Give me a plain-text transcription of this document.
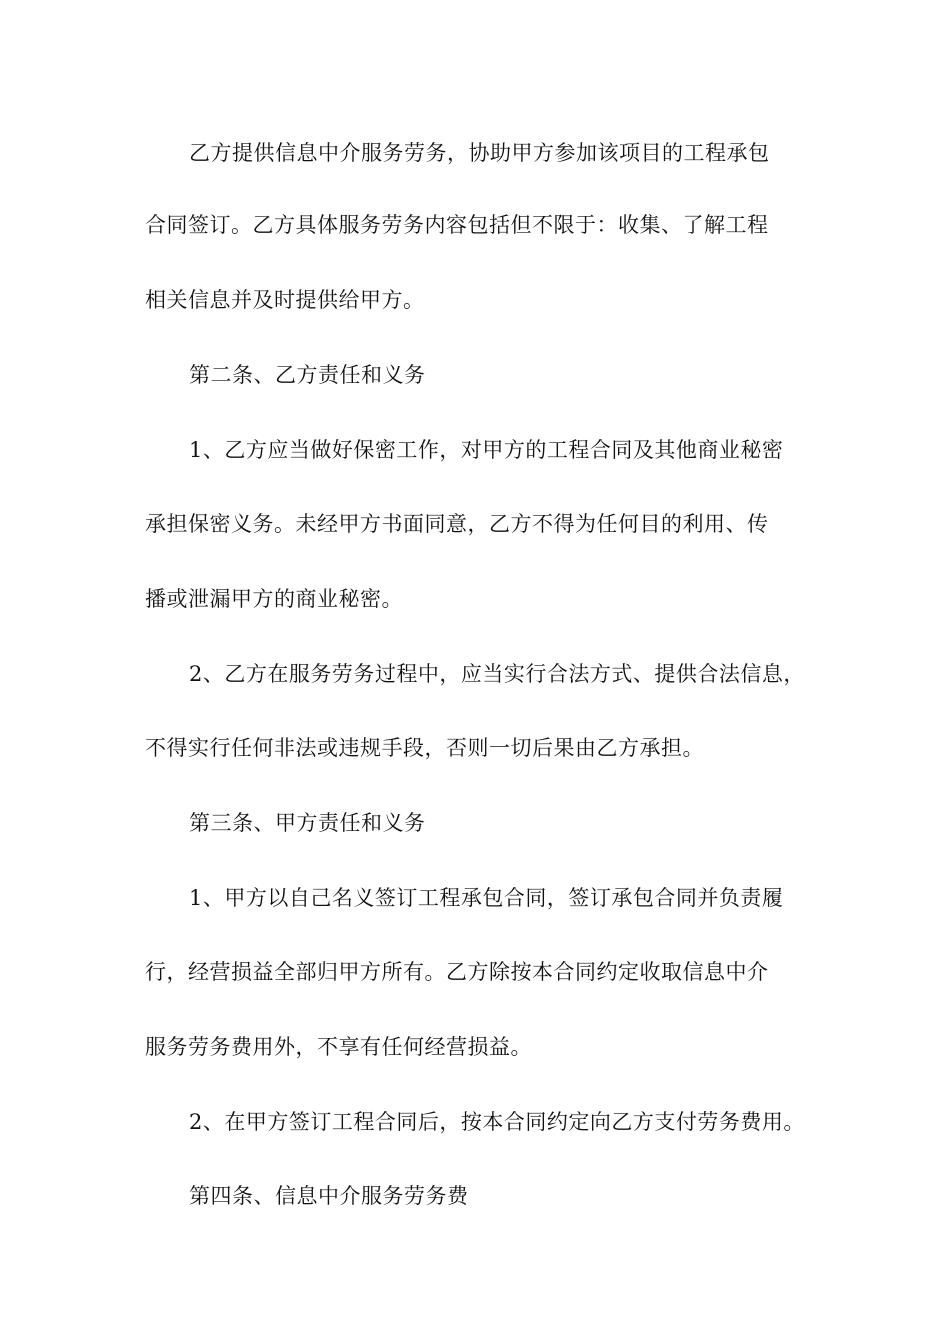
乙方提供信息中介服务劳务，协助甲方参加该项目的工程承包
合同签订。乙方具体服务劳务内容包括但不限于：收集、了解工程
相关信息并及时提供给甲方。
第二条、乙方责任和义务
1、乙方应当做好保密工作，对甲方的工程合同及其他商业秘密
承担保密义务。未经甲方书面同意，乙方不得为任何目的利用、传
播或泄漏甲方的商业秘密。
2、乙方在服务劳务过程中，应当实行合法方式、提供合法信息，
不得实行任何非法或违规手段，否则一切后果由乙方承担。
第三条、甲方责任和义务
1、甲方以自己名义签订工程承包合同，签订承包合同并负责履
行，经营损益全部归甲方所有。乙方除按本合同约定收取信息中介
服务劳务费用外，不享有任何经营损益。
2、在甲方签订工程合同后，按本合同约定向乙方支付劳务费用。
第四条、信息中介服务劳务费
